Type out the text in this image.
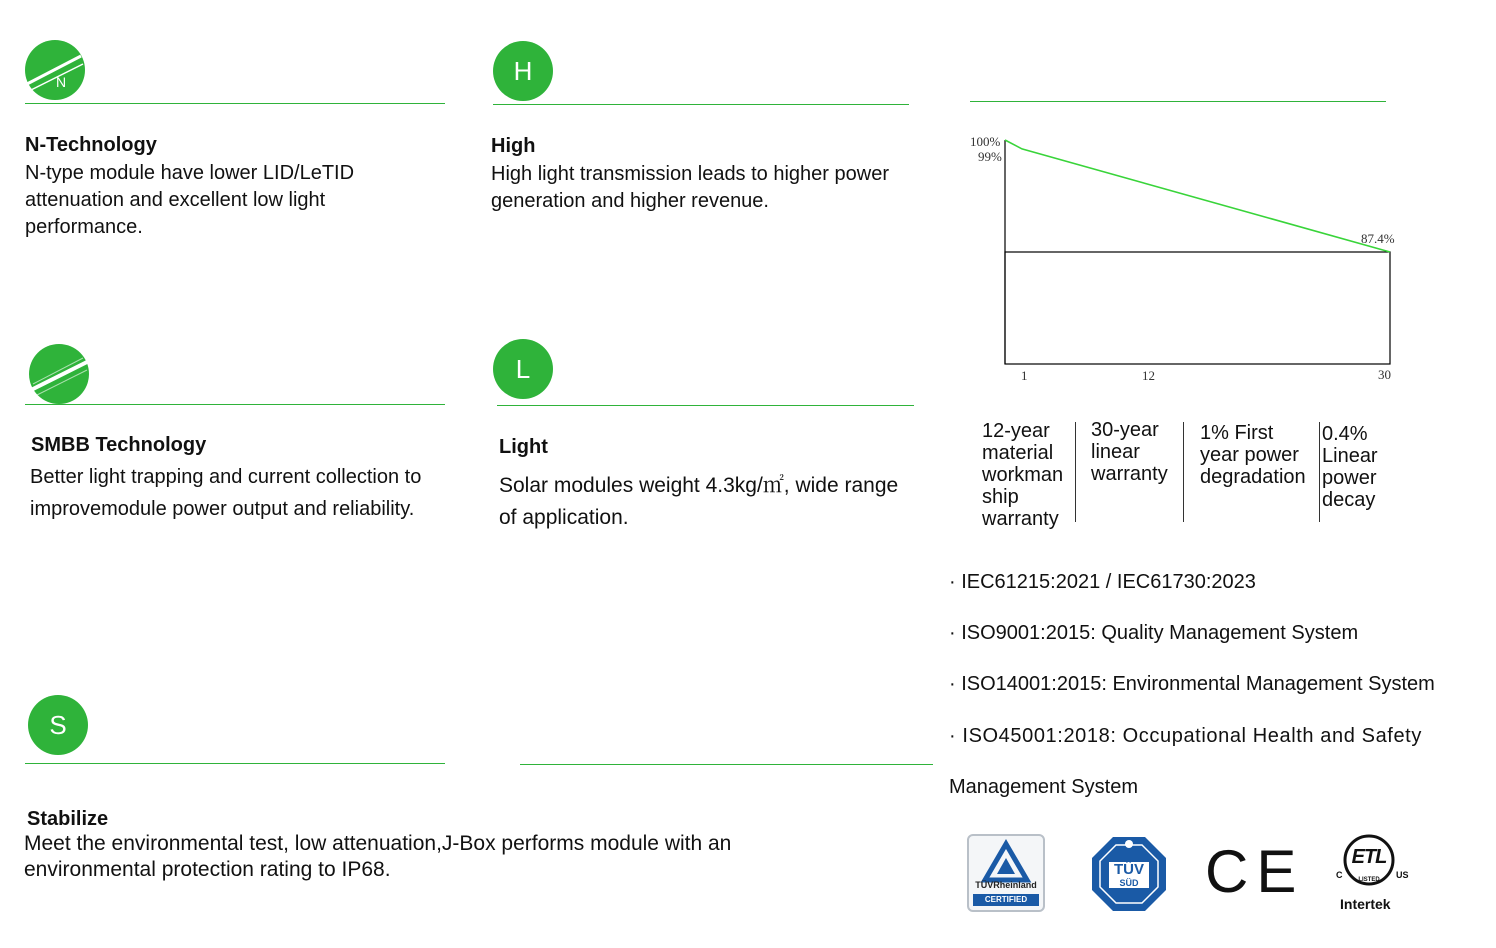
$_N$
N-Technology
N-type module have lower LID/LeTID attenuation and excellent low light performance.
H
High
High light transmission leads to higher power generation and higher revenue.
100%
99%
87.4%
1	12	30
12-year material workman ship warranty
30-year linear warranty
1% First year power degradation
0.4% Linear power decay
SMBB Technology
Better light trapping and current collection to improvemodule power output and reliability.
L
Light
Solar modules weight 4.3kg/㎡, wide range of application.
S
Stabilize
Meet the environmental test, low attenuation,J-Box performs module with an environmental protection rating to IP68.
· IEC61215:2021 / IEC61730:2023
· ISO9001:2015: Quality Management System
· ISO14001:2015: Environmental Management System
· ISO45001:2018: Occupational Health and Safety
Management System
TÜVRheinland
CERTIFIED
TÜV
SÜD CE ETL
C	US
LISTED
Intertek
